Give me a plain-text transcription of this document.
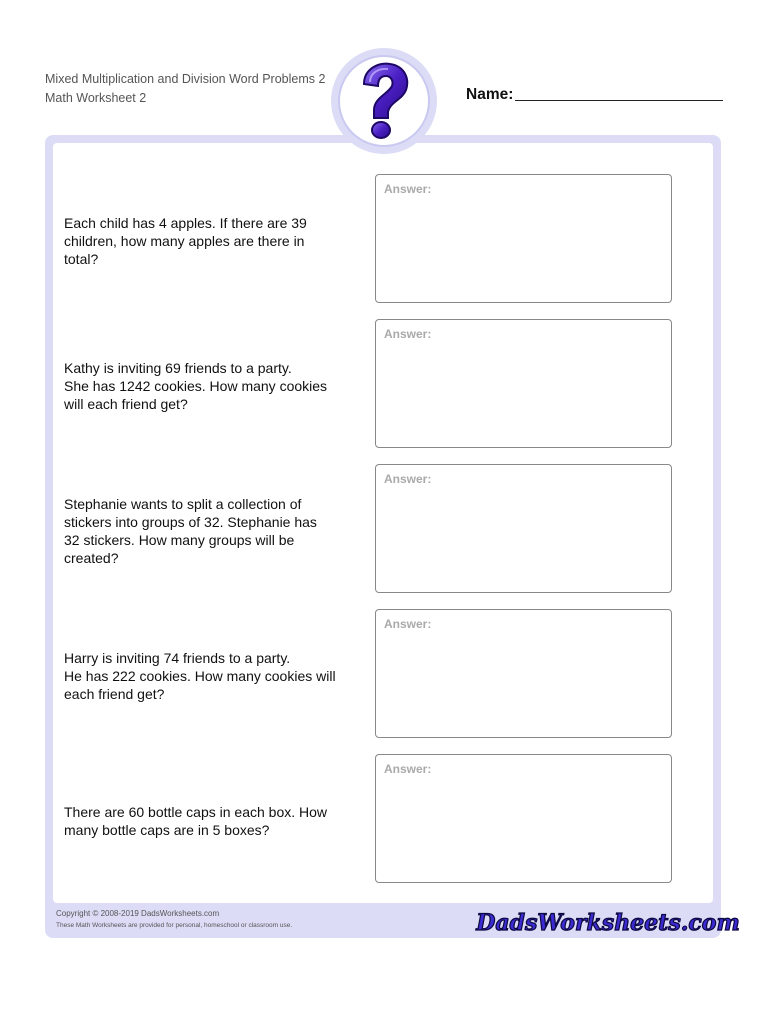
Mixed Multiplication and Division Word Problems 2
Math Worksheet 2	Name:
Each child has 4 apples. If there are 39
children, how many apples are there in
total?
Answer:
Kathy is inviting 69 friends to a party.
She has 1242 cookies. How many cookies
will each friend get?
Answer:
Stephanie wants to split a collection of
stickers into groups of 32. Stephanie has
32 stickers. How many groups will be
created?
Answer:
Harry is inviting 74 friends to a party.
He has 222 cookies. How many cookies will
each friend get?
Answer:
There are 60 bottle caps in each box. How
many bottle caps are in 5 boxes?
Answer:
Copyright © 2008-2019 DadsWorksheets.com
These Math Worksheets are provided for personal, homeschool or classroom use.	DadsWorksheets.com
